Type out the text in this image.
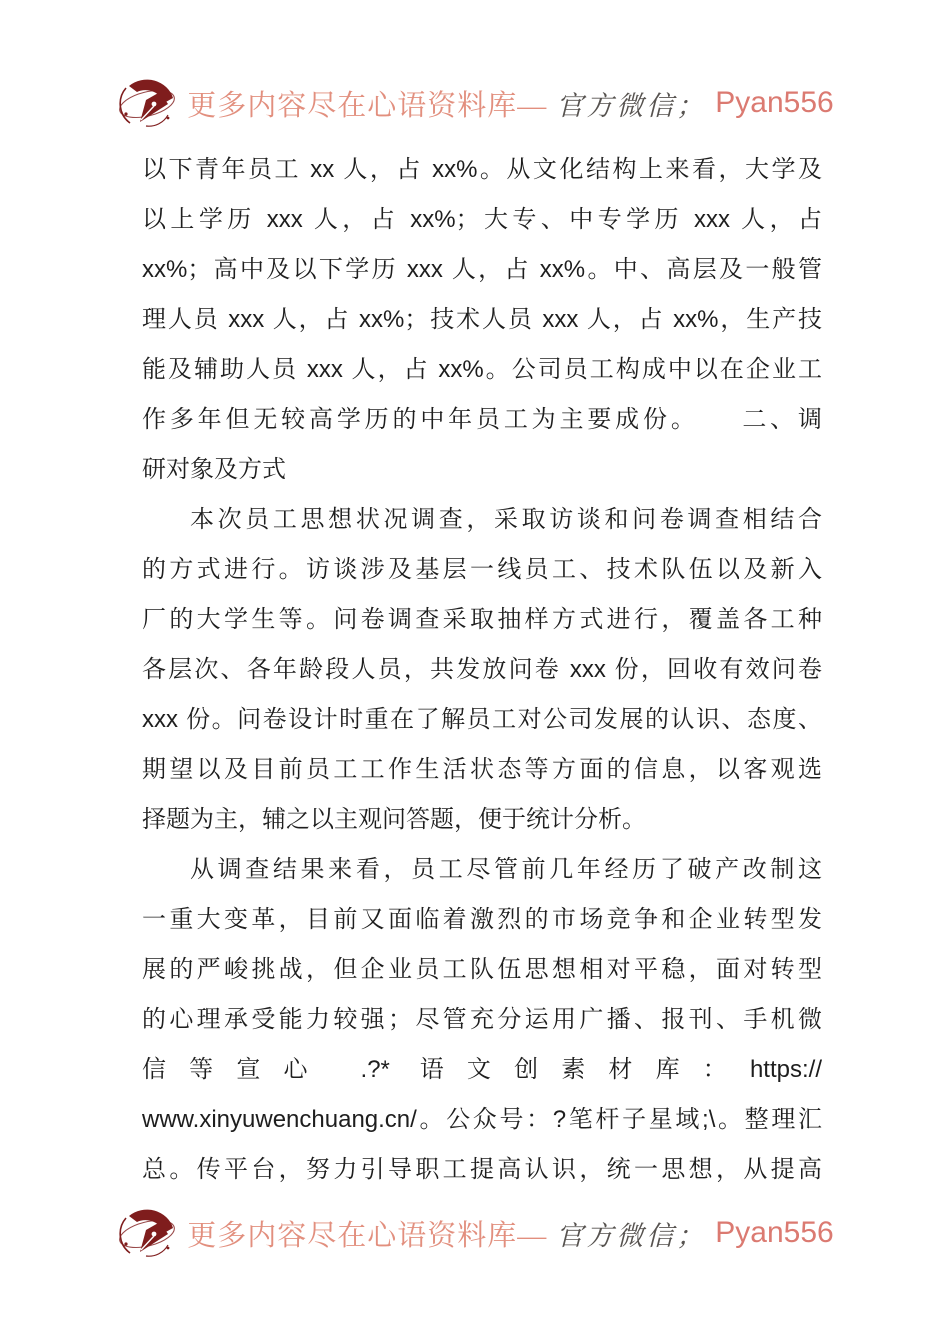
更多内容尽在心语资料库— 官方微信； Pyan556
以下青年员工 xx 人，占 xx%。从文化结构上来看，大学及
以上学历 xxx 人，占 xx%；大专、中专学历 xxx 人，占
xx%；高中及以下学历 xxx 人，占 xx%。中、高层及一般管
理人员 xxx 人，占 xx%；技术人员 xxx 人，占 xx%，生产技
能及辅助人员 xxx 人，占 xx%。公司员工构成中以在企业工
作多年但无较高学历的中年员工为主要成份。　　二、调
研对象及方式
本次员工思想状况调查，采取访谈和问卷调查相结合
的方式进行。访谈涉及基层一线员工、技术队伍以及新入
厂的大学生等。问卷调查采取抽样方式进行，覆盖各工种
各层次、各年龄段人员，共发放问卷 xxx 份，回收有效问卷
xxx 份。问卷设计时重在了解员工对公司发展的认识、态度、
期望以及目前员工工作生活状态等方面的信息，以客观选
择题为主，辅之以主观问答题，便于统计分析。
从调查结果来看，员工尽管前几年经历了破产改制这
一重大变革，目前又面临着激烈的市场竞争和企业转型发
展的严峻挑战，但企业员工队伍思想相对平稳，面对转型
的心理承受能力较强；尽管充分运用广播、报刊、手机微
信等宣心 .?* 语文创素材库：https://
www.xinyuwenchuang.cn/。公众号：?笔杆子星域;\。整理汇
总。传平台，努力引导职工提高认识，统一思想，从提高
更多内容尽在心语资料库— 官方微信； Pyan556
